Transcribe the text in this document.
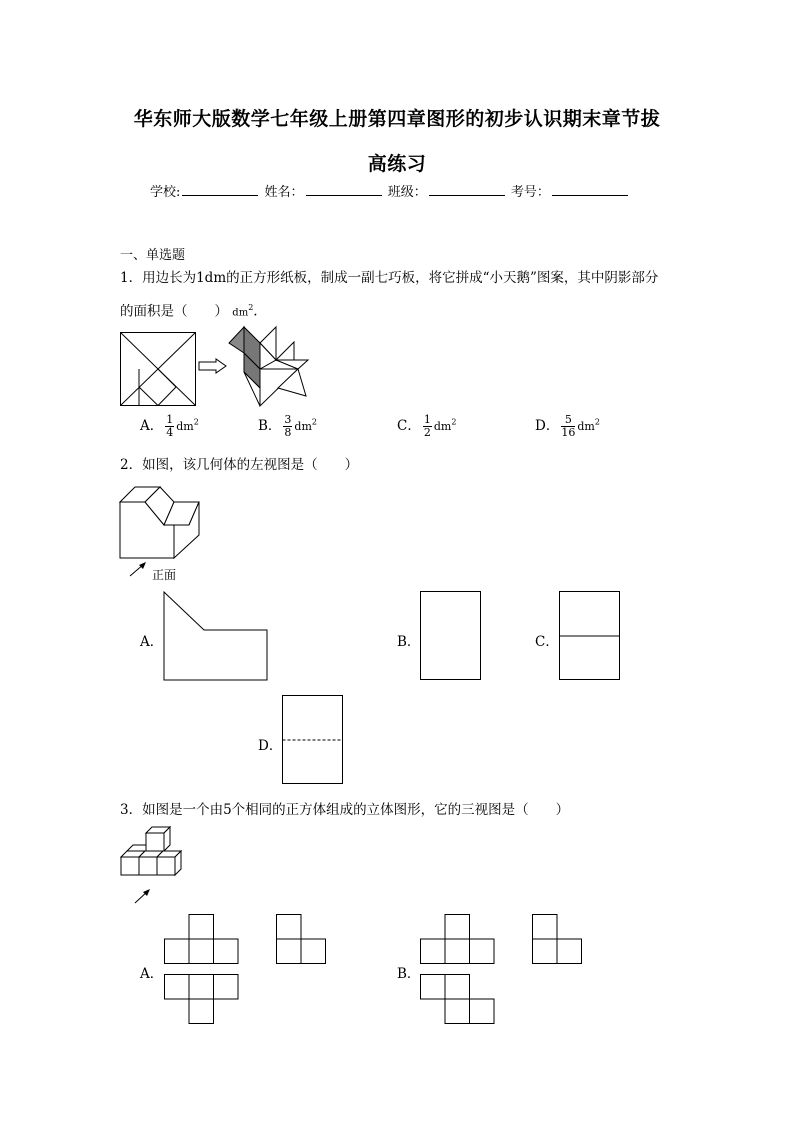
华东师大版数学七年级上册第四章图形的初步认识期末章节拔
高练习
学校:	姓名：	班级：	考号：
一、单选题
1．用边长为1dm的正方形纸板，制成一副七巧板，将它拼成“小天鹅”图案，其中阴影部分
的面积是（　　） $dm^2$.
A． $\frac{1}{4} dm^2$	B． $\frac{3}{8} dm^2$	C． $\frac{1}{2} dm^2$	D． $\frac{5}{16} dm^2$
2．如图，该几何体的左视图是（　　）
正面
A．	B．	C．
D．
3．如图是一个由5个相同的正方体组成的立体图形，它的三视图是（　　）
A．	B．
